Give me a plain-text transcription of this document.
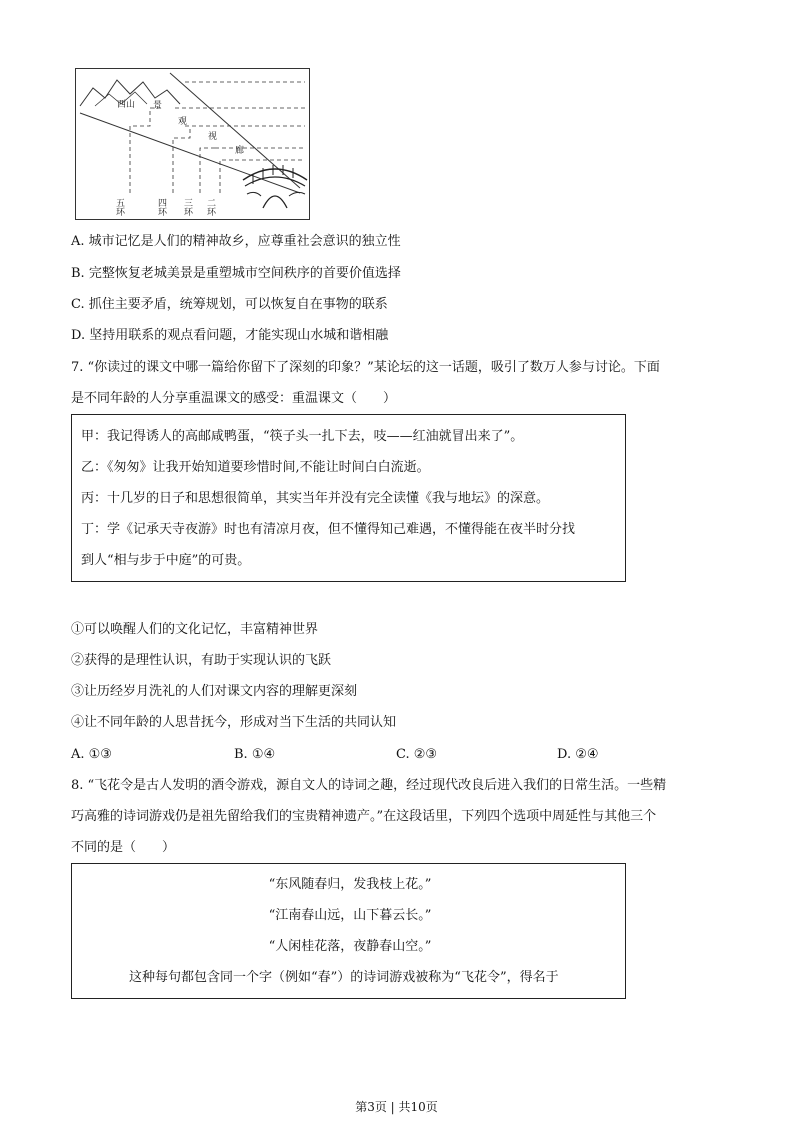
西山 景
观
视
廊
五环	四环 三环 二环
A. 城市记忆是人们的精神故乡，应尊重社会意识的独立性
B. 完整恢复老城美景是重塑城市空间秩序的首要价值选择
C. 抓住主要矛盾，统筹规划，可以恢复自在事物的联系
D. 坚持用联系的观点看问题，才能实现山水城和谐相融
7. “你读过的课文中哪一篇给你留下了深刻的印象？”某论坛的这一话题，吸引了数万人参与讨论。下面
是不同年龄的人分享重温课文的感受：重温课文（　　）
甲：我记得诱人的高邮咸鸭蛋，“筷子头一扎下去，吱——红油就冒出来了”。
乙：《匆匆》让我开始知道要珍惜时间,不能让时间白白流逝。
丙：十几岁的日子和思想很简单，其实当年并没有完全读懂《我与地坛》的深意。
丁：学《记承天寺夜游》时也有清凉月夜，但不懂得知己难遇，不懂得能在夜半时分找
到人“相与步于中庭”的可贵。
①可以唤醒人们的文化记忆，丰富精神世界
②获得的是理性认识，有助于实现认识的飞跃
③让历经岁月洗礼的人们对课文内容的理解更深刻
④让不同年龄的人思昔抚今，形成对当下生活的共同认知
A. ①③	B. ①④	C. ②③	D. ②④
8. “飞花令是古人发明的酒令游戏，源自文人的诗词之趣，经过现代改良后进入我们的日常生活。一些精
巧高雅的诗词游戏仍是祖先留给我们的宝贵精神遗产。”在这段话里，下列四个选项中周延性与其他三个
不同的是（　　）
“东风随春归，发我枝上花。”
“江南春山远，山下暮云长。”
“人闲桂花落，夜静春山空。”
这种每句都包含同一个字（例如“春”）的诗词游戏被称为“飞花令”，得名于
第3页 | 共10页
